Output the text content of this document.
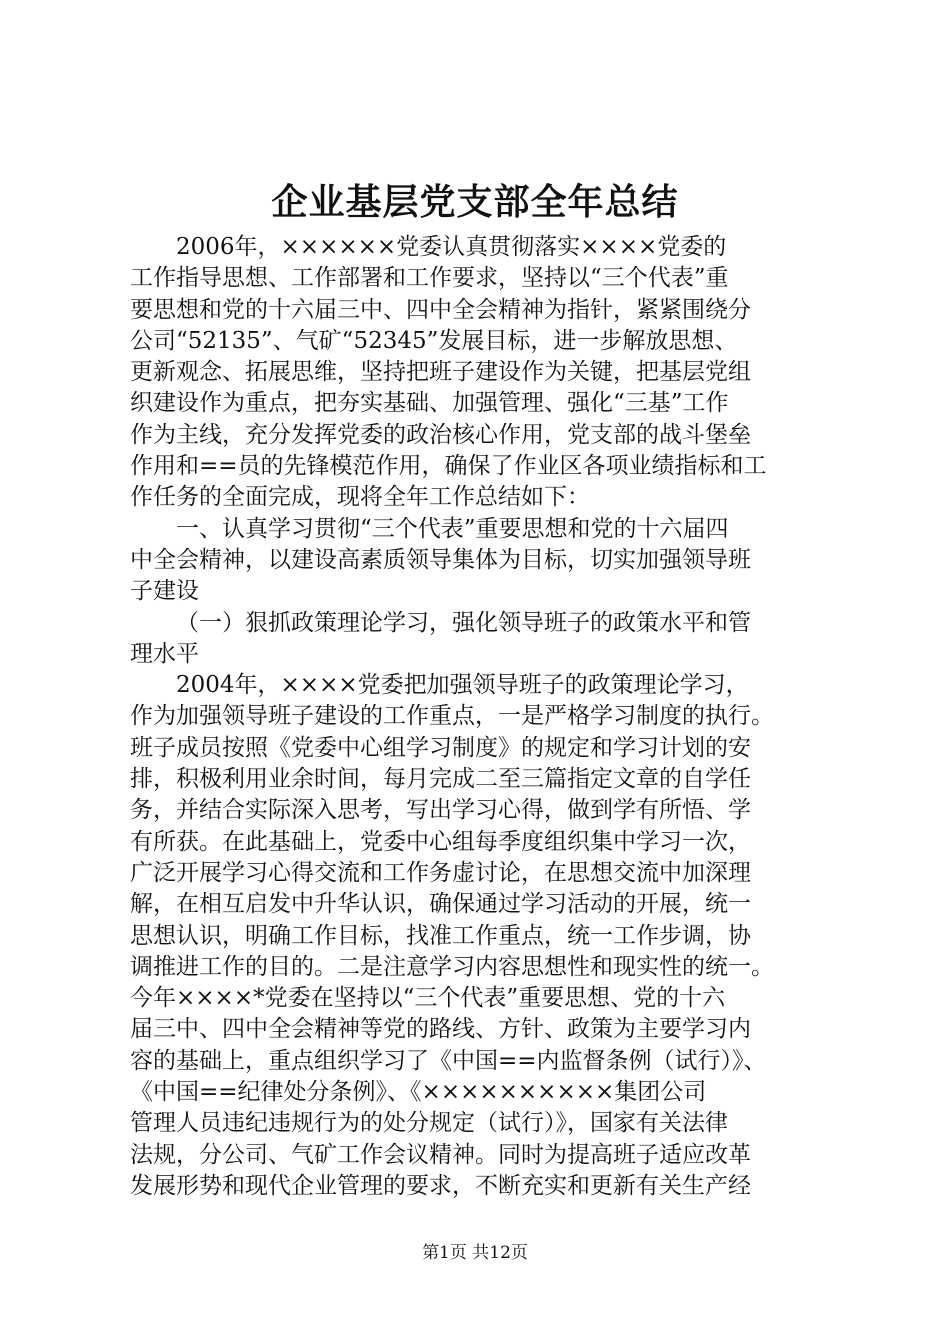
企业基层党支部全年总结
2006年，××××××党委认真贯彻落实××××党委的
工作指导思想、工作部署和工作要求，坚持以“三个代表”重
要思想和党的十六届三中、四中全会精神为指针，紧紧围绕分
公司“52135”、气矿“52345”发展目标，进一步解放思想、
更新观念、拓展思维，坚持把班子建设作为关键，把基层党组
织建设作为重点，把夯实基础、加强管理、强化“三基”工作
作为主线，充分发挥党委的政治核心作用，党支部的战斗堡垒
作用和==员的先锋模范作用，确保了作业区各项业绩指标和工
作任务的全面完成，现将全年工作总结如下：
一、认真学习贯彻“三个代表”重要思想和党的十六届四
中全会精神，以建设高素质领导集体为目标，切实加强领导班
子建设
（一）狠抓政策理论学习，强化领导班子的政策水平和管
理水平
2004年，××××党委把加强领导班子的政策理论学习，
作为加强领导班子建设的工作重点，一是严格学习制度的执行。
班子成员按照《党委中心组学习制度》的规定和学习计划的安
排，积极利用业余时间，每月完成二至三篇指定文章的自学任
务，并结合实际深入思考，写出学习心得，做到学有所悟、学
有所获。在此基础上，党委中心组每季度组织集中学习一次，
广泛开展学习心得交流和工作务虚讨论，在思想交流中加深理
解，在相互启发中升华认识，确保通过学习活动的开展，统一
思想认识，明确工作目标，找准工作重点，统一工作步调，协
调推进工作的目的。二是注意学习内容思想性和现实性的统一。
今年××××*党委在坚持以“三个代表”重要思想、党的十六
届三中、四中全会精神等党的路线、方针、政策为主要学习内
容的基础上，重点组织学习了《中国==内监督条例（试行）》、
《中国==纪律处分条例》、《××××××××××集团公司
管理人员违纪违规行为的处分规定（试行）》，国家有关法律
法规，分公司、气矿工作会议精神。同时为提高班子适应改革
发展形势和现代企业管理的要求，不断充实和更新有关生产经
第1页 共12页
